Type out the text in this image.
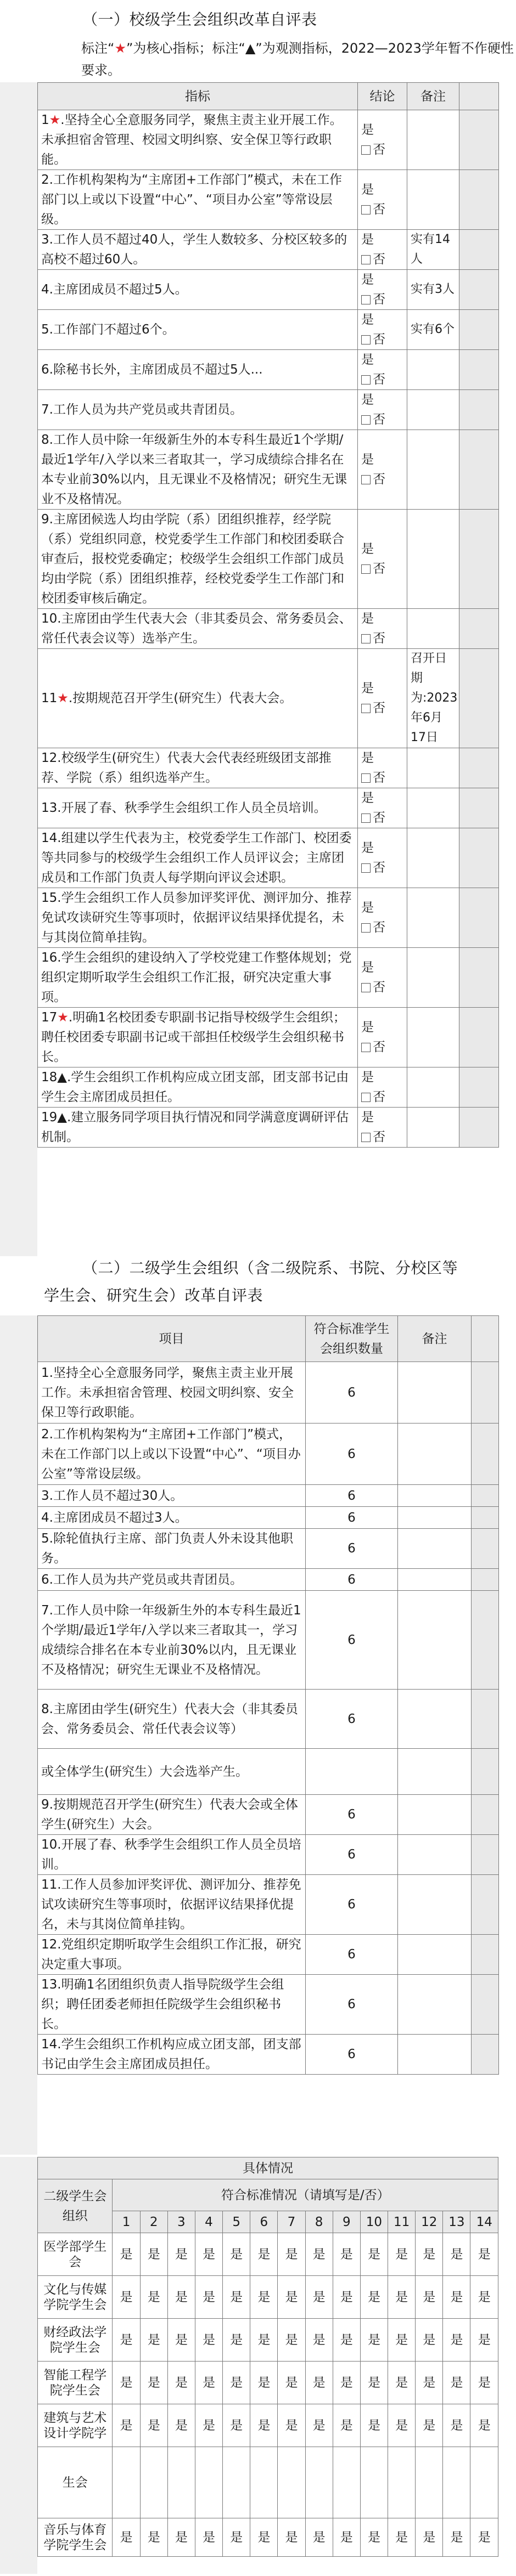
（一）校级学生会组织改革自评表
标注“★”为核心指标；标注“▲”为观测指标，2022—2023学年暂不作硬性要求。
指标	结论	备注	
1★.坚持全心全意服务同学，聚焦主责主业开展工作。未承担宿舍管理、校园文明纠察、安全保卫等行政职能。	是
否		

2.工作机构架构为“主席团+工作部门”模式，未在工作部门以上或以下设置“中心”、“项目办公室”等常设层级。	是
否		

3.工作人员不超过40人，学生人数较多、分校区较多的高校不超过60人。	是
否	实有14人	
4.主席团成员不超过5人。	是
否	实有3人	
5.工作部门不超过6个。	是
否	实有6个	
6.除秘书长外，主席团成员不超过5人...	是
否		

7.工作人员为共产党员或共青团员。	是
否		

8.工作人员中除一年级新生外的本专科生最近1个学期/最近1学年/入学以来三者取其一，学习成绩综合排名在本专业前30%以内，且无课业不及格情况；研究生无课业不及格情况。	是
否		

9.主席团候选人均由学院（系）团组织推荐，经学院（系）党组织同意，校党委学生工作部门和校团委联合审查后，报校党委确定；校级学生会组织工作部门成员均由学院（系）团组织推荐，经校党委学生工作部门和校团委审核后确定。	是
否		

10.主席团由学生代表大会（非其委员会、常务委员会、常任代表会议等）选举产生。	是
否		

11★.按期规范召开学生(研究生）代表大会。	是
否	召开日期为:2023年6月17日	
12.校级学生(研究生）代表大会代表经班级团支部推荐、学院（系）组织选举产生。	是
否		

13.开展了春、秋季学生会组织工作人员全员培训。	是
否		

14.组建以学生代表为主，校党委学生工作部门、校团委等共同参与的校级学生会组织工作人员评议会；主席团成员和工作部门负责人每学期向评议会述职。	是
否		

15.学生会组织工作人员参加评奖评优、测评加分、推荐免试攻读研究生等事项时，依据评议结果择优提名，未与其岗位简单挂钩。	是
否		

16.学生会组织的建设纳入了学校党建工作整体规划；党组织定期听取学生会组织工作汇报，研究决定重大事项。	是
否		

17★.明确1名校团委专职副书记指导校级学生会组织；聘任校团委专职副书记或干部担任校级学生会组织秘书长。	是
否		

18▲.学生会组织工作机构应成立团支部，团支部书记由学生会主席团成员担任。	是
否		

19▲.建立服务同学项目执行情况和同学满意度调研评估机制。	是
否		

（二）二级学生会组织（含二级院系、书院、分校区等
学生会、研究生会）改革自评表
项目	符合标准学生会组织数量	备注	
1.坚持全心全意服务同学，聚焦主责主业开展工作。未承担宿舍管理、校园文明纠察、安全保卫等行政职能。	6		
2.工作机构架构为“主席团+工作部门”模式，未在工作部门以上或以下设置“中心”、“项目办公室”等常设层级。	6		
3.工作人员不超过30人。	6		
4.主席团成员不超过3人。	6		
5.除轮值执行主席、部门负责人外未设其他职务。	6		
6.工作人员为共产党员或共青团员。	6		
7.工作人员中除一年级新生外的本专科生最近1个学期/最近1学年/入学以来三者取其一，学习成绩综合排名在本专业前30%以内，且无课业不及格情况；研究生无课业不及格情况。	6		
8.主席团由学生(研究生）代表大会（非其委员会、常务委员会、常任代表会议等）	6		
或全体学生(研究生）大会选举产生。			
9.按期规范召开学生(研究生）代表大会或全体学生(研究生）大会。	6		
10.开展了春、秋季学生会组织工作人员全员培训。	6		
11.工作人员参加评奖评优、测评加分、推荐免试攻读研究生等事项时，依据评议结果择优提名，未与其岗位简单挂钩。	6		
12.党组织定期听取学生会组织工作汇报，研究决定重大事项。	6		
13.明确1名团组织负责人指导院级学生会组织；聘任团委老师担任院级学生会组织秘书长。	6		
14.学生会组织工作机构应成立团支部，团支部书记由学生会主席团成员担任。	6		
具体情况														
二级学生会组织	符合标准情况（请填写是/否）													
	1	2	3	4	5	6	7	8	9	10	11	12	13	14
医学部学生会	是	是	是	是	是	是	是	是	是	是	是	是	是	是
文化与传媒学院学生会	是	是	是	是	是	是	是	是	是	是	是	是	是	是
财经政法学院学生会	是	是	是	是	是	是	是	是	是	是	是	是	是	是
智能工程学院学生会	是	是	是	是	是	是	是	是	是	是	是	是	是	是
建筑与艺术设计学院学	是	是	是	是	是	是	是	是	是	是	是	是	是	是
生会														
音乐与体育学院学生会	是	是	是	是	是	是	是	是	是	是	是	是	是	是
